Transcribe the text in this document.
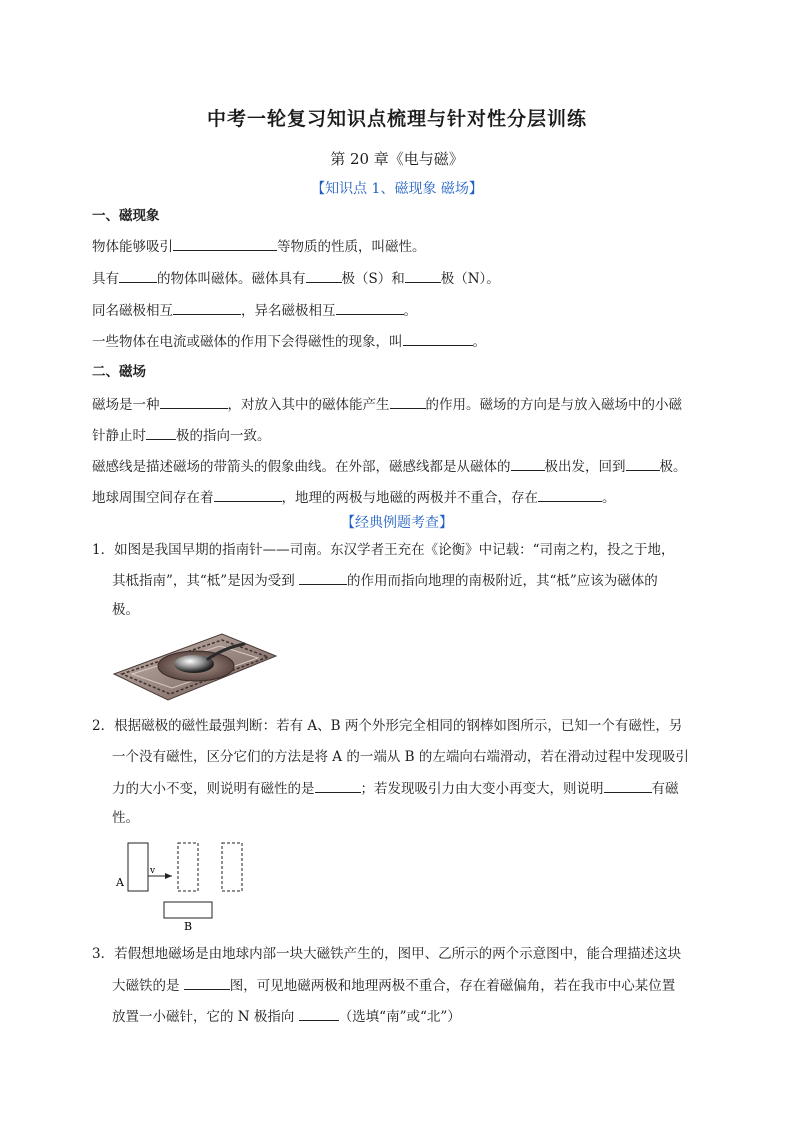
中考一轮复习知识点梳理与针对性分层训练
第 20 章《电与磁》
【知识点 1、磁现象 磁场】
一、磁现象
物体能够吸引	等物质的性质，叫磁性。
具有	的物体叫磁体。磁体具有	极（S）和	极（N）。
同名磁极相互	，异名磁极相互	。
一些物体在电流或磁体的作用下会得磁性的现象，叫	。
二、磁场
磁场是一种	，对放入其中的磁体能产生	的作用。磁场的方向是与放入磁场中的小磁
针静止时 极的指向一致。
磁感线是描述磁场的带箭头的假象曲线。在外部，磁感线都是从磁体的	极出发，回到	极。
地球周围空间存在着	，地理的两极与地磁的两极并不重合，存在	。
【经典例题考查】
1．如图是我国早期的指南针——司南。东汉学者王充在《论衡》中记载：“司南之杓，投之于地，
其柢指南”，其“柢”是因为受到	的作用而指向地理的南极附近，其“柢”应该为磁体的
极。
2．根据磁极的磁性最强判断：若有 A、B 两个外形完全相同的钢棒如图所示，已知一个有磁性，另
一个没有磁性，区分它们的方法是将 A 的一端从 B 的左端向右端滑动，若在滑动过程中发现吸引
力的大小不变，则说明有磁性的是	；若发现吸引力由大变小再变大，则说明	有磁
性。
A
v
B
3．若假想地磁场是由地球内部一块大磁铁产生的，图甲、乙所示的两个示意图中，能合理描述这块
大磁铁的是	图，可见地磁两极和地理两极不重合，存在着磁偏角，若在我市中心某位置
放置一小磁针，它的 N 极指向	（选填“南”或“北”）
